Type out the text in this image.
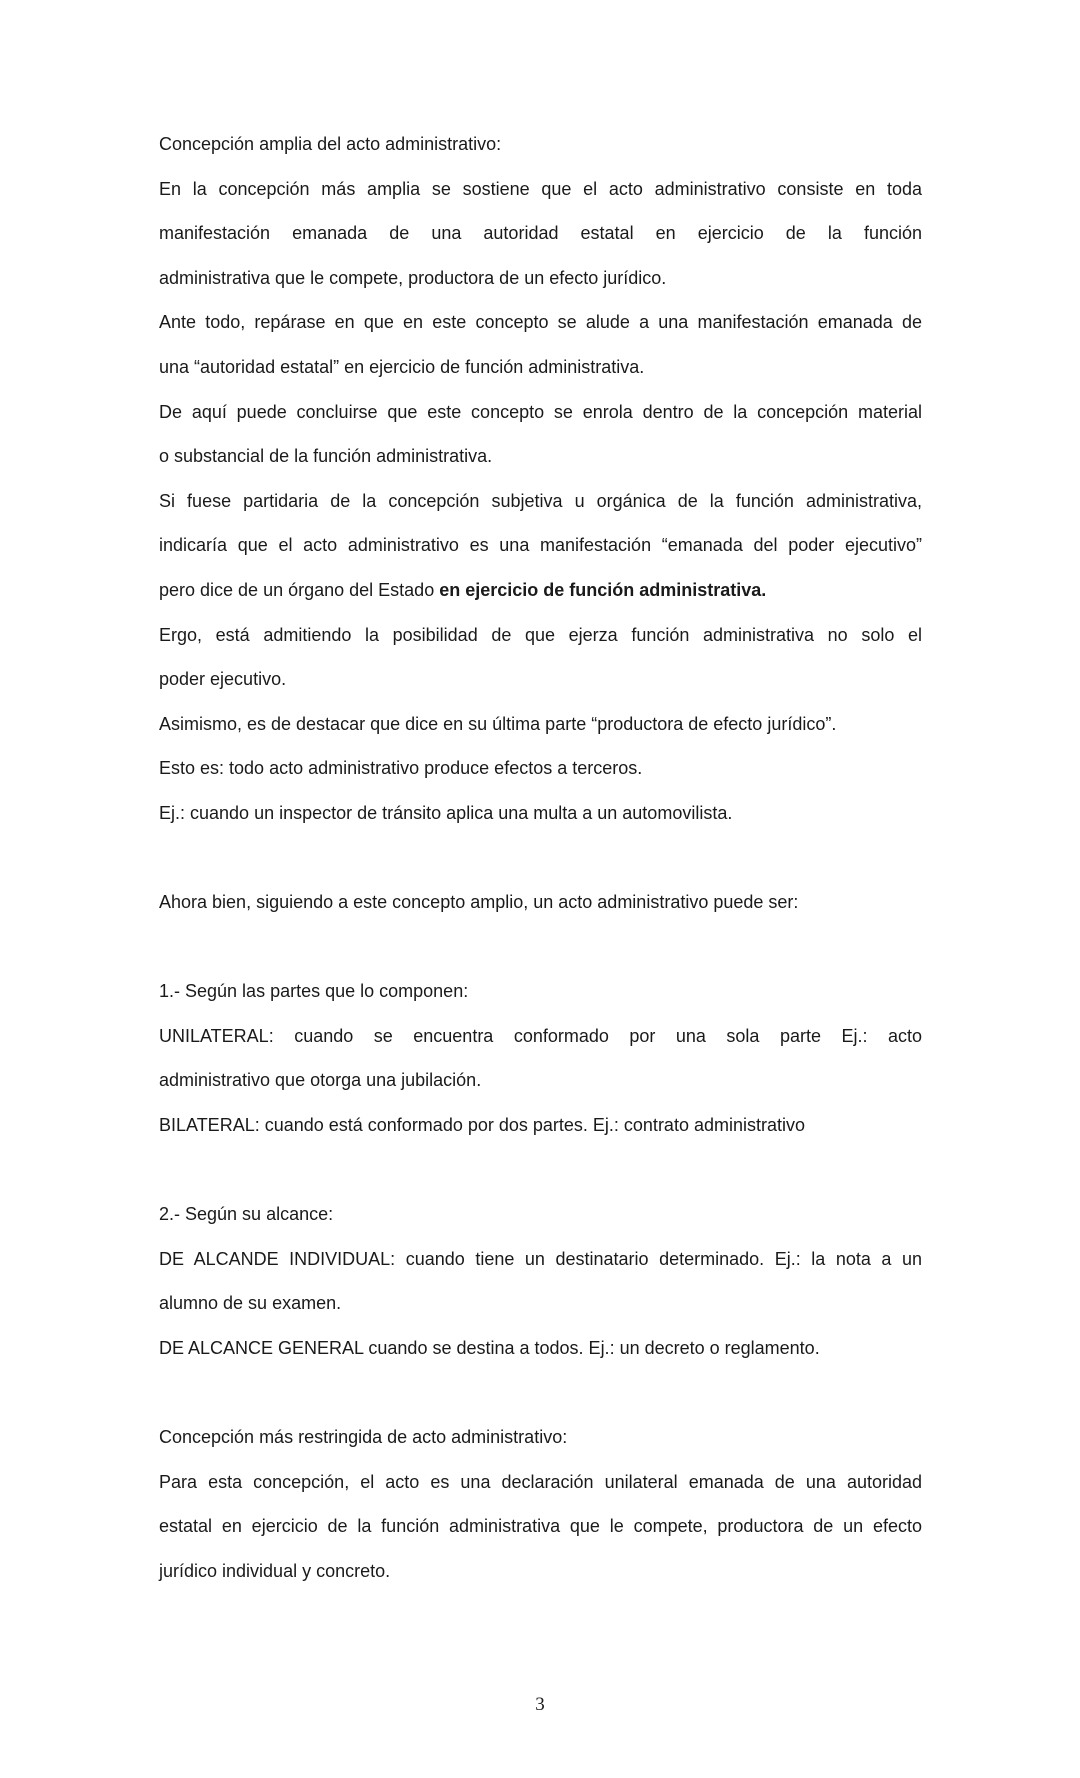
Concepción amplia del acto administrativo:
En la concepción más amplia se sostiene que el acto administrativo consiste en toda
manifestación emanada de una autoridad estatal en ejercicio de la función
administrativa que le compete, productora de un efecto jurídico.
Ante todo, repárase en que en este concepto se alude a una manifestación emanada de
una “autoridad estatal” en ejercicio de función administrativa.
De aquí puede concluirse que este concepto se enrola dentro de la concepción material
o substancial de la función administrativa.
Si fuese partidaria de la concepción subjetiva u orgánica de la función administrativa,
indicaría que el acto administrativo es una manifestación “emanada del poder ejecutivo”
pero dice de un órgano del Estado en ejercicio de función administrativa.
Ergo, está admitiendo la posibilidad de que ejerza función administrativa no solo el
poder ejecutivo.
Asimismo, es de destacar que dice en su última parte “productora de efecto jurídico”.
Esto es: todo acto administrativo produce efectos a terceros.
Ej.: cuando un inspector de tránsito aplica una multa a un automovilista.
Ahora bien, siguiendo a este concepto amplio, un acto administrativo puede ser:
1.- Según las partes que lo componen:
UNILATERAL: cuando se encuentra conformado por una sola parte Ej.: acto
administrativo que otorga una jubilación.
BILATERAL: cuando está conformado por dos partes. Ej.: contrato administrativo
2.- Según su alcance:
DE ALCANDE INDIVIDUAL: cuando tiene un destinatario determinado. Ej.: la nota a un
alumno de su examen.
DE ALCANCE GENERAL cuando se destina a todos. Ej.: un decreto o reglamento.
Concepción más restringida de acto administrativo:
Para esta concepción, el acto es una declaración unilateral emanada de una autoridad
estatal en ejercicio de la función administrativa que le compete, productora de un efecto
jurídico individual y concreto.
3
